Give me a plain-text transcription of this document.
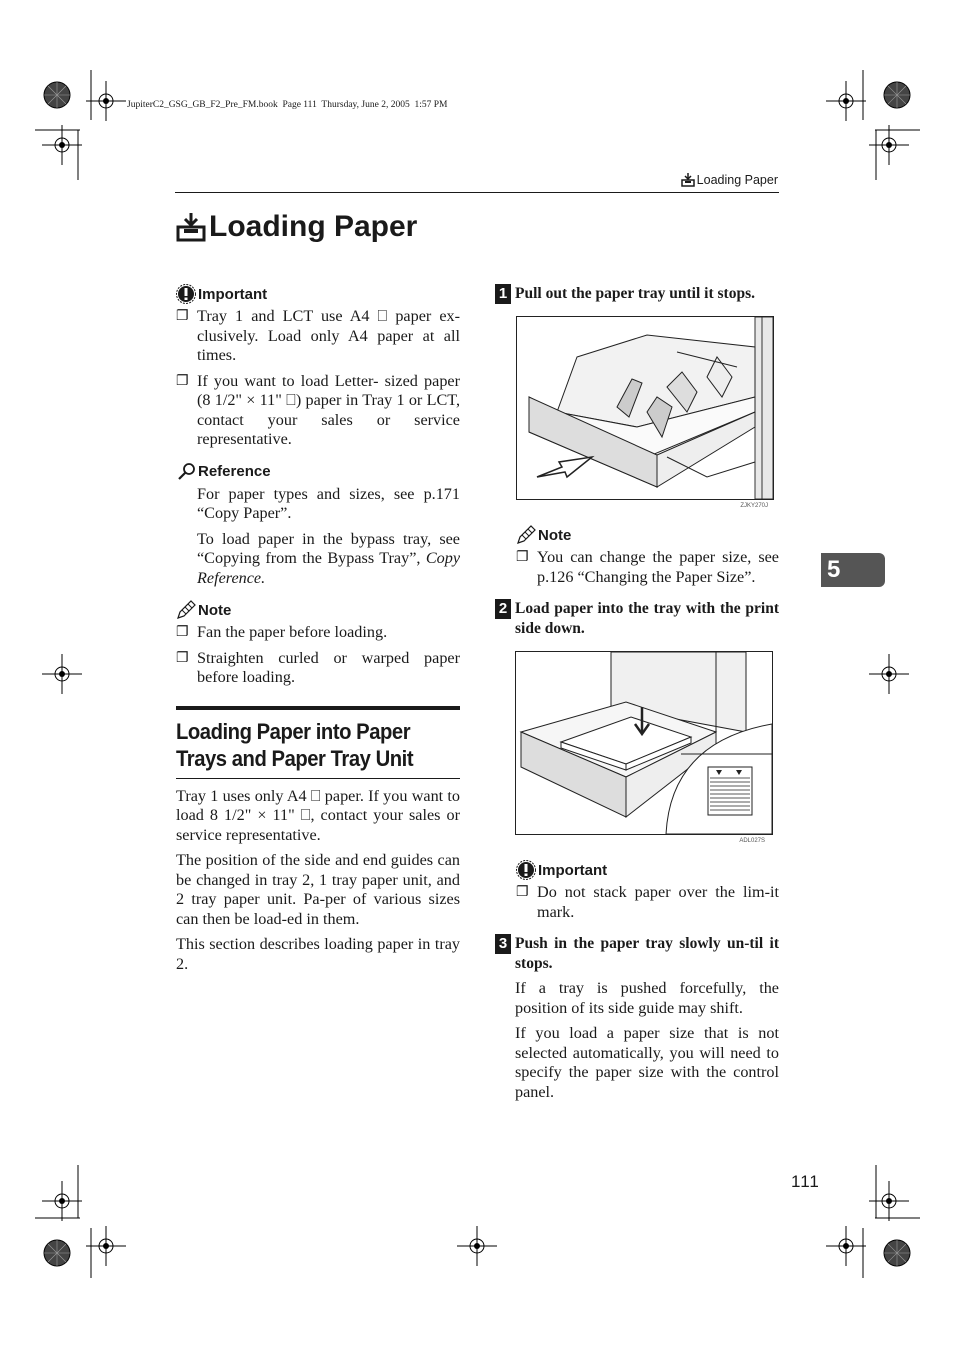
JupiterC2_GSG_GB_F2_Pre_FM.book  Page 111  Thursday, June 2, 2005  1:57 PM
Loading Paper
Loading Paper
Important
❐ Tray 1 and LCT use A4 ⎕ paper ex-clusively. Load only A4 paper at all times.
❐ If you want to load Letter- sized paper (8 1/2" × 11" ⎕) paper in Tray 1 or LCT, contact your sales or service representative.
Reference
For paper types and sizes, see p.171 “Copy Paper”.
To load paper in the bypass tray, see “Copying from the Bypass Tray”, Copy Reference.
Note
❐ Fan the paper before loading.
❐ Straighten curled or warped paper before loading.
Loading Paper into Paper Trays and Paper Tray Unit
Tray 1 uses only A4 ⎕ paper. If you want to load 8 1/2" × 11" ⎕, contact your sales or service representative.
The position of the side and end guides can be changed in tray 2, 1 tray paper unit, and 2 tray paper unit. Pa-per of various sizes can then be load-ed in them.
This section describes loading paper in tray 2.
1 Pull out the paper tray until it stops.
ZJKY270J
Note
❐ You can change the paper size, see p.126 “Changing the Paper Size”.
2 Load paper into the tray with the print side down.
ADL027S
Important
❐ Do not stack paper over the lim-it mark.
3 Push in the paper tray slowly un-til it stops.
If a tray is pushed forcefully, the position of its side guide may shift.
If you load a paper size that is not selected automatically, you will need to specify the paper size with the control panel.
5
111
